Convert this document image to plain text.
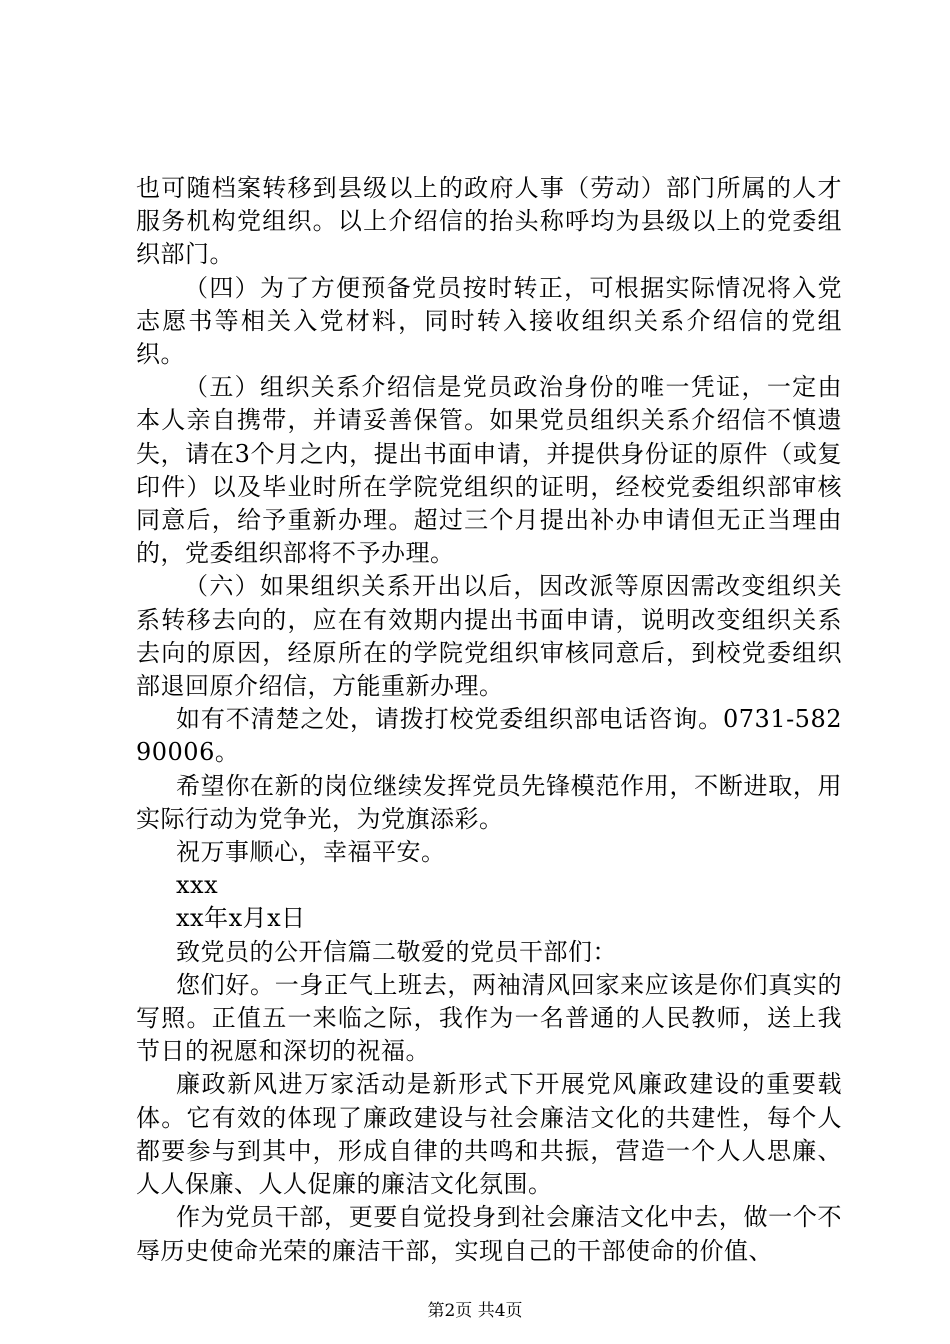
也可随档案转移到县级以上的政府人事（劳动）部门所属的人才服务机构党组织。以上介绍信的抬头称呼均为县级以上的党委组织部门。

（四）为了方便预备党员按时转正，可根据实际情况将入党志愿书等相关入党材料，同时转入接收组织关系介绍信的党组织。

（五）组织关系介绍信是党员政治身份的唯一凭证，一定由本人亲自携带，并请妥善保管。如果党员组织关系介绍信不慎遗失，请在3个月之内，提出书面申请，并提供身份证的原件（或复印件）以及毕业时所在学院党组织的证明，经校党委组织部审核同意后，给予重新办理。超过三个月提出补办申请但无正当理由的，党委组织部将不予办理。

（六）如果组织关系开出以后，因改派等原因需改变组织关系转移去向的，应在有效期内提出书面申请，说明改变组织关系去向的原因，经原所在的学院党组织审核同意后，到校党委组织部退回原介绍信，方能重新办理。

如有不清楚之处，请拨打校党委组织部电话咨询。0731-58290006。

希望你在新的岗位继续发挥党员先锋模范作用，不断进取，用实际行动为党争光，为党旗添彩。

祝万事顺心，幸福平安。

xxx

xx年x月x日

致党员的公开信篇二敬爱的党员干部们：

您们好。一身正气上班去，两袖清风回家来应该是你们真实的写照。正值五一来临之际，我作为一名普通的人民教师，送上我节日的祝愿和深切的祝福。

廉政新风进万家活动是新形式下开展党风廉政建设的重要载体。它有效的体现了廉政建设与社会廉洁文化的共建性，每个人都要参与到其中，形成自律的共鸣和共振，营造一个人人思廉、人人保廉、人人促廉的廉洁文化氛围。

作为党员干部，更要自觉投身到社会廉洁文化中去，做一个不辱历史使命光荣的廉洁干部，实现自己的干部使命的价值、

第2页 共4页
